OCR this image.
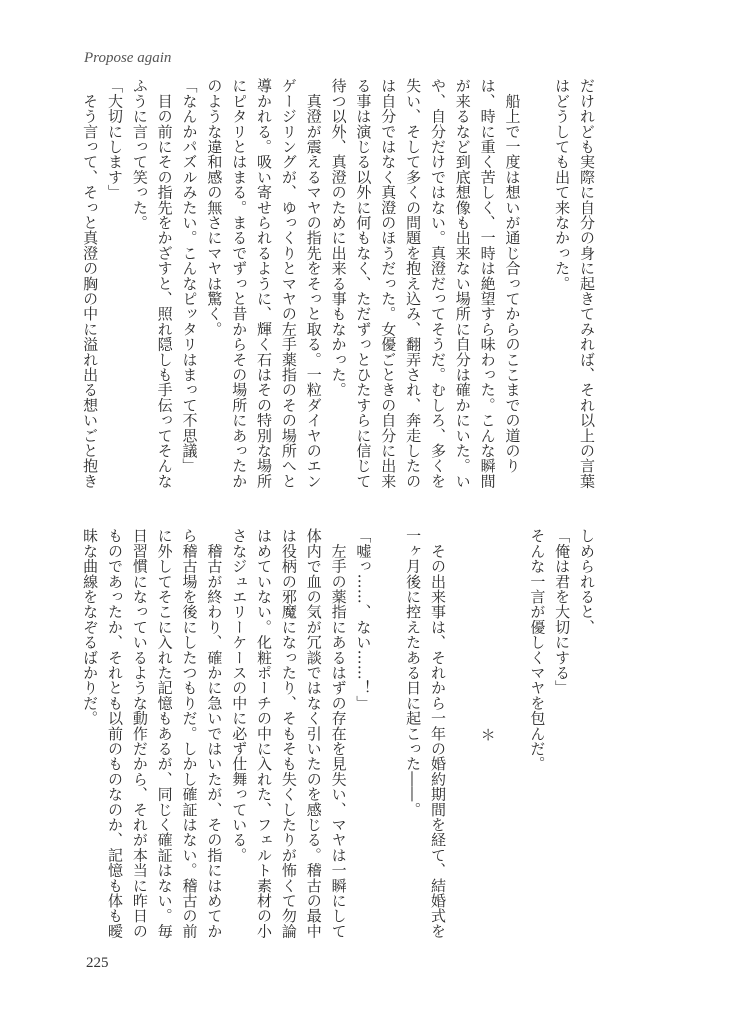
Propose again
だけれども実際に自分の身に起きてみれば、それ以上の言葉
はどうしても出て来なかった。
　船上で一度は想いが通じ合ってからのここまでの道のり
は、時に重く苦しく、一時は絶望すら味わった。こんな瞬間
が来るなど到底想像も出来ない場所に自分は確かにいた。い
や、自分だけではない。真澄だってそうだ。むしろ、多くを
失い、そして多くの問題を抱え込み、翻弄され、奔走したの
は自分ではなく真澄のほうだった。女優ごときの自分に出来
る事は演じる以外に何もなく、ただずっとひたすらに信じて
待つ以外、真澄のために出来る事もなかった。
　真澄が震えるマヤの指先をそっと取る。一粒ダイヤのエン
ゲージリングが、ゆっくりとマヤの左手薬指のその場所へと
導かれる。吸い寄せられるように、輝く石はその特別な場所
にピタリとはまる。まるでずっと昔からその場所にあったか
のような違和感の無さにマヤは驚く。
「なんかパズルみたい。こんなピッタリはまって不思議」
　目の前にその指先をかざすと、照れ隠しも手伝ってそんな
ふうに言って笑った。
「大切にします」
　そう言って、そっと真澄の胸の中に溢れ出る想いごと抱き
しめられると、
「俺は君を大切にする」
そんな一言が優しくマヤを包んだ。
＊
　その出来事は、それから一年の婚約期間を経て、結婚式を
一ヶ月後に控えたある日に起こった――。
「嘘っ……、ない……！」
　左手の薬指にあるはずの存在を見失い、マヤは一瞬にして
体内で血の気が冗談ではなく引いたのを感じる。稽古の最中
は役柄の邪魔になったり、そもそも失くしたりが怖くて勿論
はめていない。化粧ポーチの中に入れた、フェルト素材の小
さなジュエリーケースの中に必ず仕舞っている。
　稽古が終わり、確かに急いではいたが、その指にはめてか
ら稽古場を後にしたつもりだ。しかし確証はない。稽古の前
に外してそこに入れた記憶もあるが、同じく確証はない。毎
日習慣になっているような動作だから、それが本当に昨日の
ものであったか、それとも以前のものなのか、記憶も体も曖
昧な曲線をなぞるばかりだ。
225
